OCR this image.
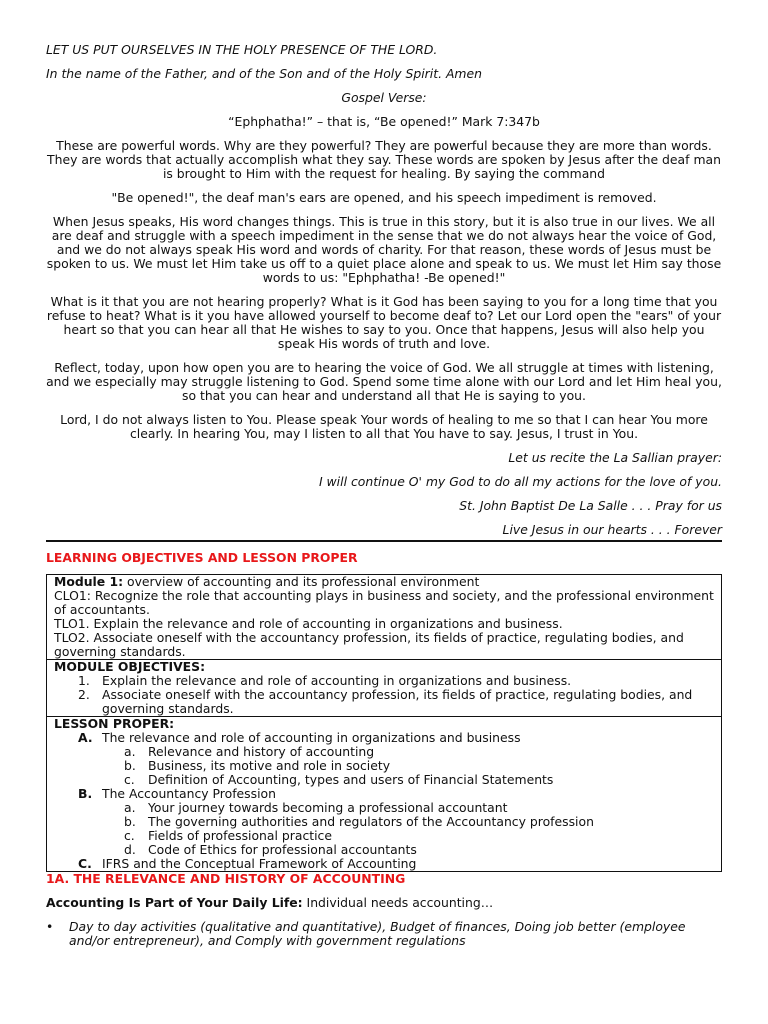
LET US PUT OURSELVES IN THE HOLY PRESENCE OF THE LORD.

In the name of the Father, and of the Son and of the Holy Spirit. Amen

Gospel Verse:

“Ephphatha!” – that is, “Be opened!” Mark 7:347b

These are powerful words. Why are they powerful? They are powerful because they are more than words. They are words that actually accomplish what they say. These words are spoken by Jesus after the deaf man is brought to Him with the request for healing. By saying the command

"Be opened!", the deaf man's ears are opened, and his speech impediment is removed.

When Jesus speaks, His word changes things. This is true in this story, but it is also true in our lives. We all are deaf and struggle with a speech impediment in the sense that we do not always hear the voice of God, and we do not always speak His word and words of charity. For that reason, these words of Jesus must be spoken to us. We must let Him take us off to a quiet place alone and speak to us. We must let Him say those words to us: "Ephphatha! -Be opened!"

What is it that you are not hearing properly? What is it God has been saying to you for a long time that you refuse to heat? What is it you have allowed yourself to become deaf to? Let our Lord open the "ears" of your heart so that you can hear all that He wishes to say to you. Once that happens, Jesus will also help you speak His words of truth and love.

Reflect, today, upon how open you are to hearing the voice of God. We all struggle at times with listening, and we especially may struggle listening to God. Spend some time alone with our Lord and let Him heal you, so that you can hear and understand all that He is saying to you.

Lord, I do not always listen to You. Please speak Your words of healing to me so that I can hear You more clearly. In hearing You, may I listen to all that You have to say. Jesus, I trust in You.

Let us recite the La Sallian prayer:

I will continue O' my God to do all my actions for the love of you.

St. John Baptist De La Salle . . . Pray for us

Live Jesus in our hearts . . . Forever

LEARNING OBJECTIVES AND LESSON PROPER

Module 1: overview of accounting and its professional environment

CLO1: Recognize the role that accounting plays in business and society, and the professional environment of accountants.

TLO1. Explain the relevance and role of accounting in organizations and business.

TLO2. Associate oneself with the accountancy profession, its fields of practice, regulating bodies, and governing standards.

MODULE OBJECTIVES:

1. Explain the relevance and role of accounting in organizations and business.
2. Associate oneself with the accountancy profession, its fields of practice, regulating bodies, and governing standards.

LESSON PROPER:

A. The relevance and role of accounting in organizations and business
a.	Relevance and history of accounting
b. Business, its motive and role in society
c.	Definition of Accounting, types and users of Financial Statements
B. The Accountancy Profession
a.	Your journey towards becoming a professional accountant
b. The governing authorities and regulators of the Accountancy profession
c.	Fields of professional practice
d. Code of Ethics for professional accountants
C. IFRS and the Conceptual Framework of Accounting

1A. THE RELEVANCE AND HISTORY OF ACCOUNTING

Accounting Is Part of Your Daily Life: Individual needs accounting…

•	Day to day activities (qualitative and quantitative), Budget of finances, Doing job better (employee and/or entrepreneur), and Comply with government regulations
